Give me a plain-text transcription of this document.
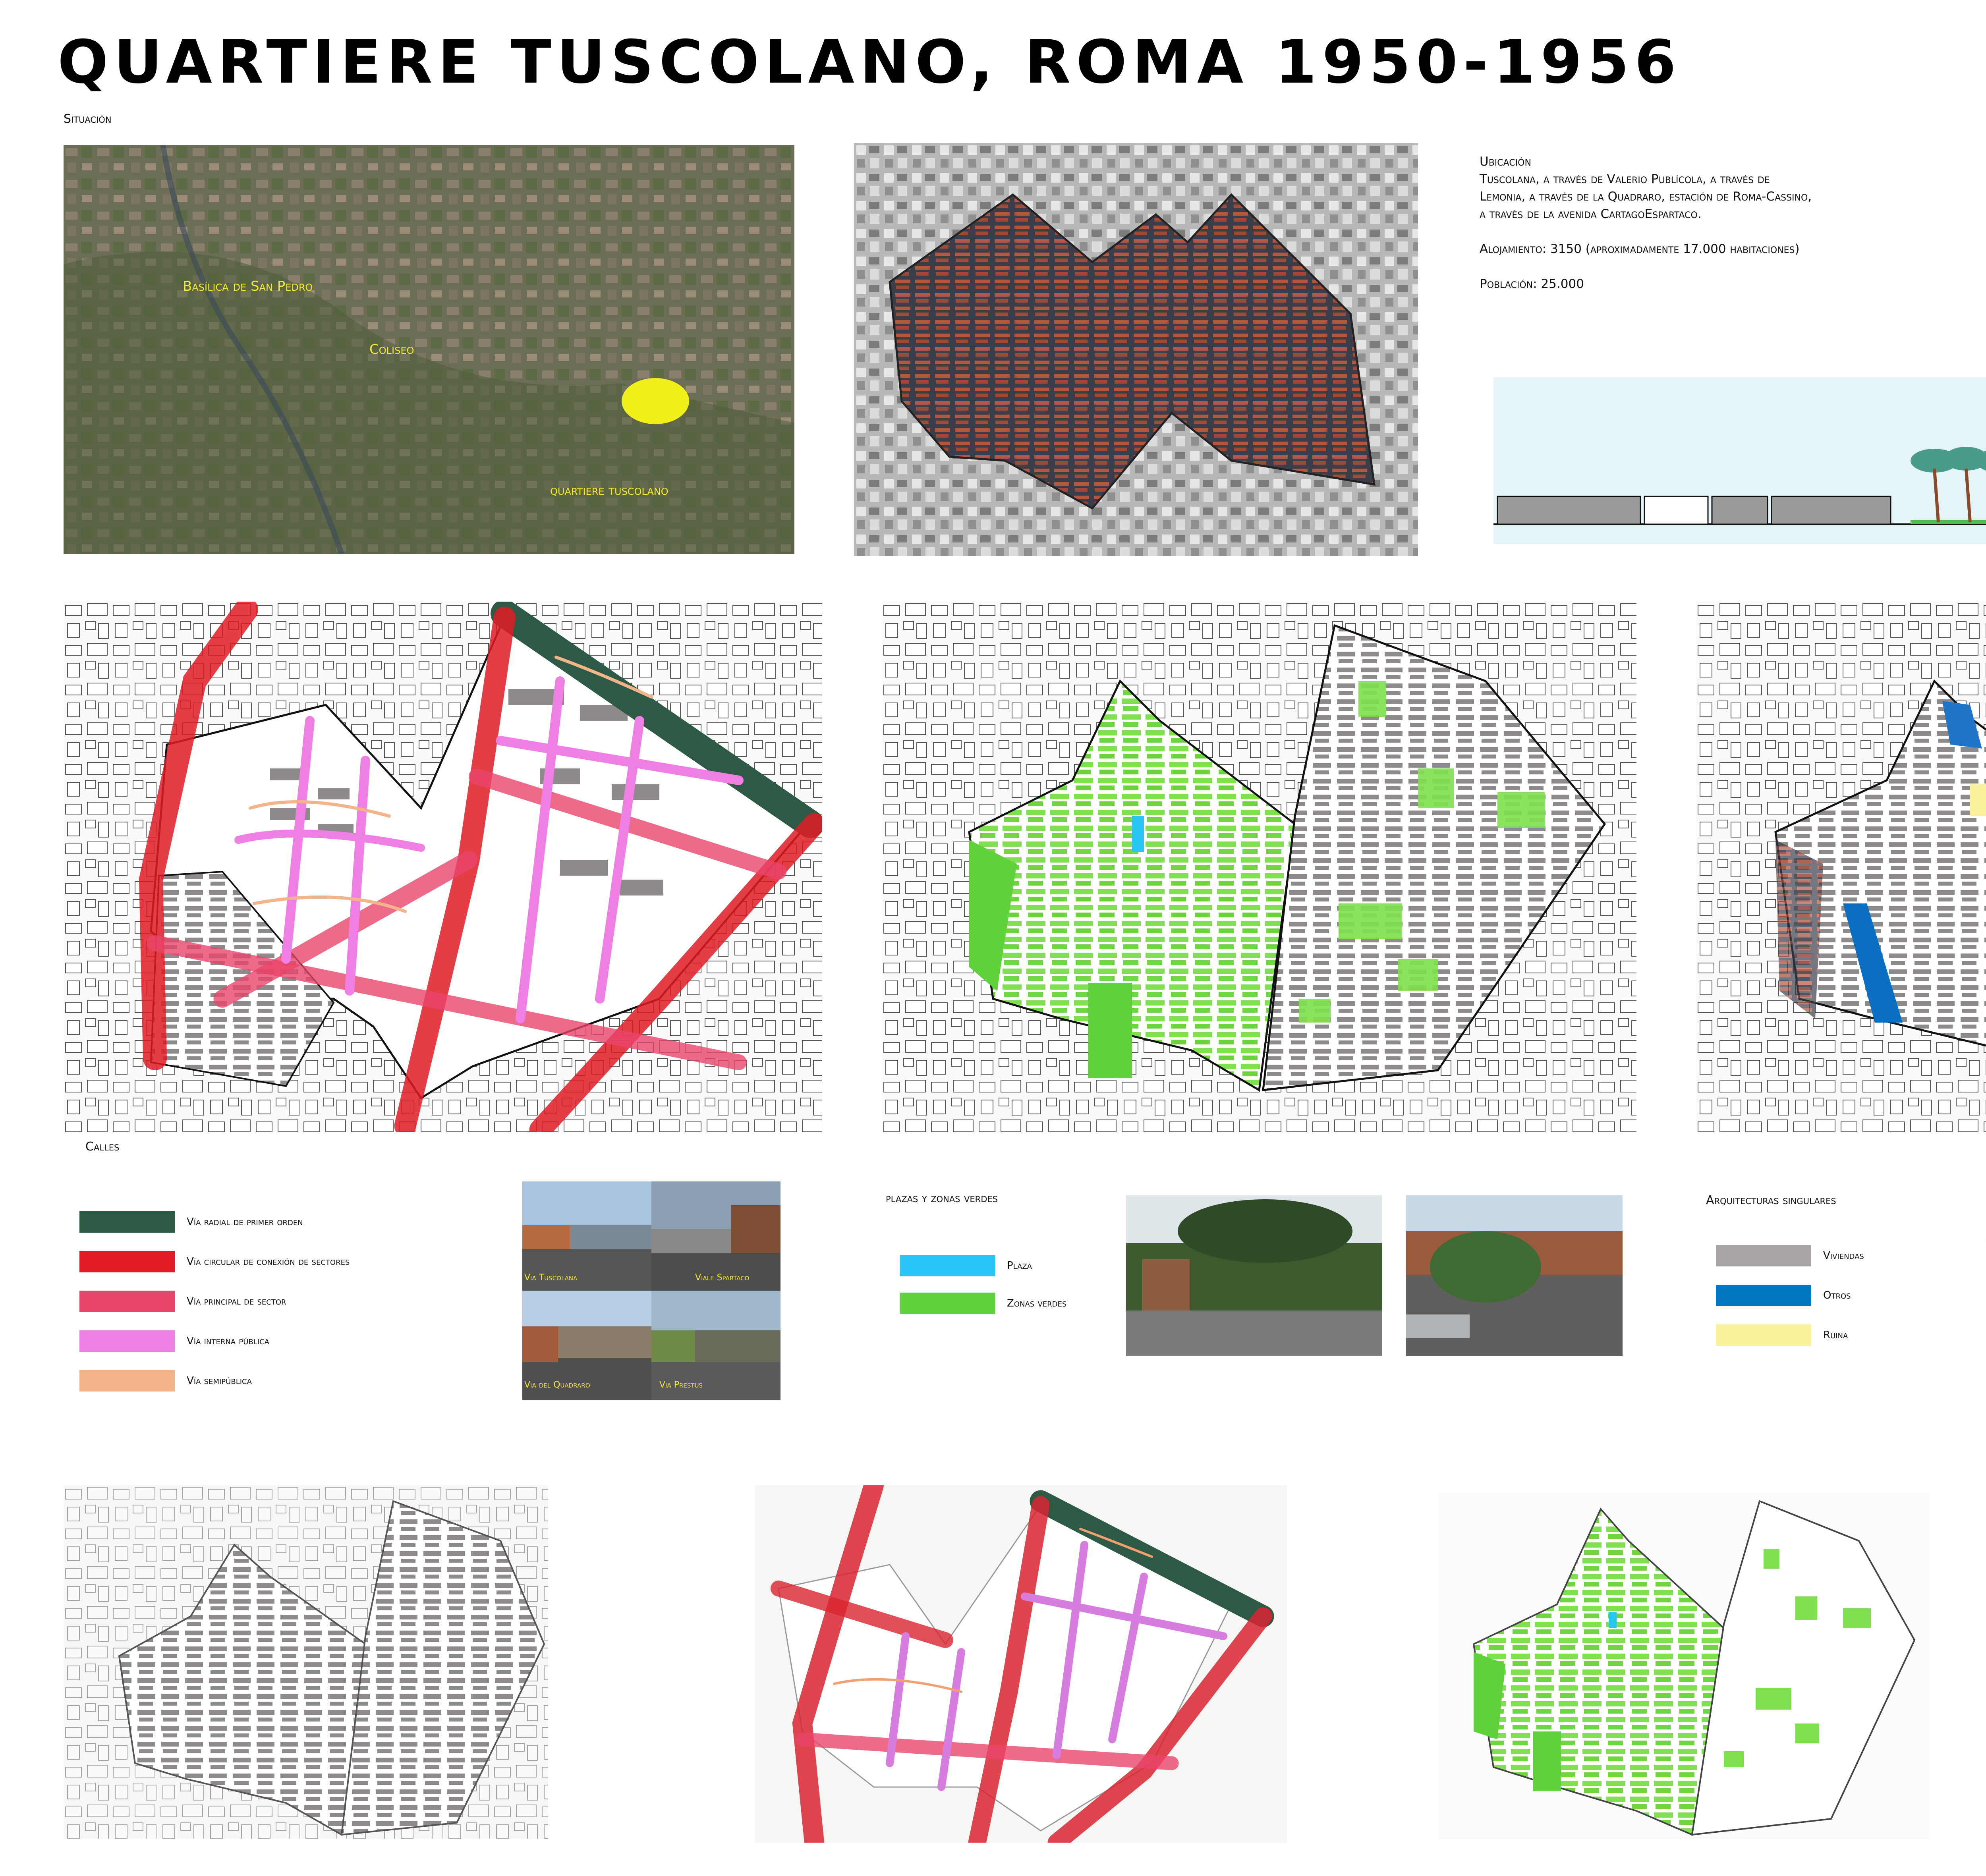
QUARTIERE TUSCOLANO, ROMA 1950-1956

Situación
Basílica de San Pedro
Coliseo
quartiere tuscolano
Ubicación
Tuscolana, a través de Valerio Publícola, a través de
Lemonia, a través de la Quadraro, estación de Roma-Cassino,
a través de la avenida CartagoEspartaco.
Alojamiento: 3150 (aproximadamente 17.000 habitaciones)
Población: 25.000
Calles
Vía radial de primer orden
Vía circular de conexión de sectores
Vía principal de sector
Vía interna pública
Vía semipública
Via Tuscolana	Viale Spartaco
Via del Quadraro	Via Prestus
plazas y zonas verdes
Plaza
Zonas verdes
Arquitecturas singulares
Viviendas
Otros
Ruina
